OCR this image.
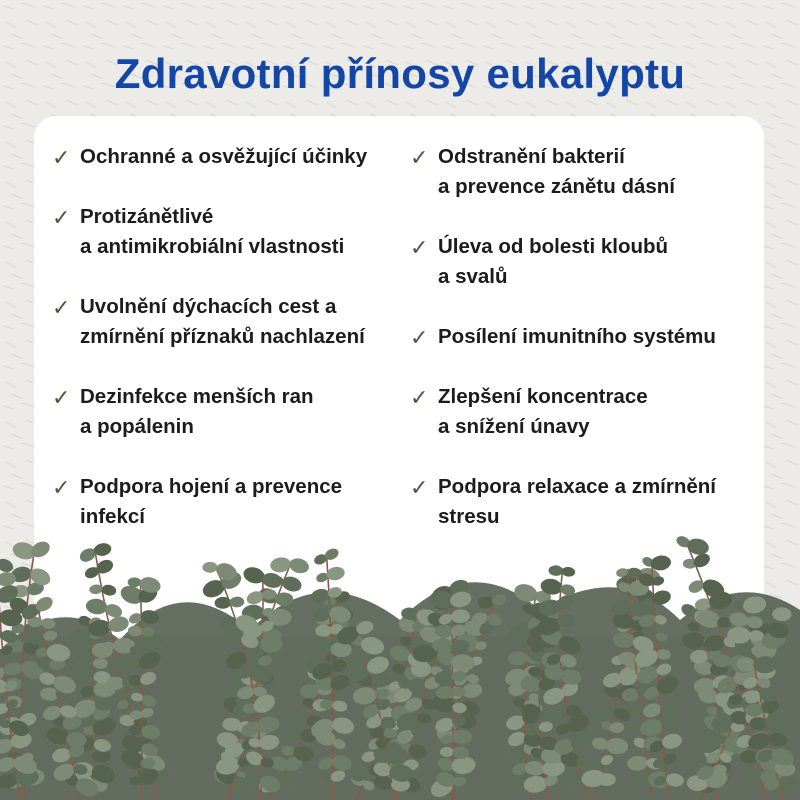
Zdravotní přínosy eukalyptu
✓ Ochranné a osvěžující účinky
✓ Protizánětlivé
a antimikrobiální vlastnosti
✓ Uvolnění dýchacích cest a
zmírnění příznaků nachlazení
✓ Dezinfekce menších ran
a popálenin
✓ Podpora hojení a prevence
infekcí
✓ Odstranění bakterií
a prevence zánětu dásní
✓ Úleva od bolesti kloubů
a svalů
✓ Posílení imunitního systému
✓ Zlepšení koncentrace
a snížení únavy
✓ Podpora relaxace a zmírnění
stresu
